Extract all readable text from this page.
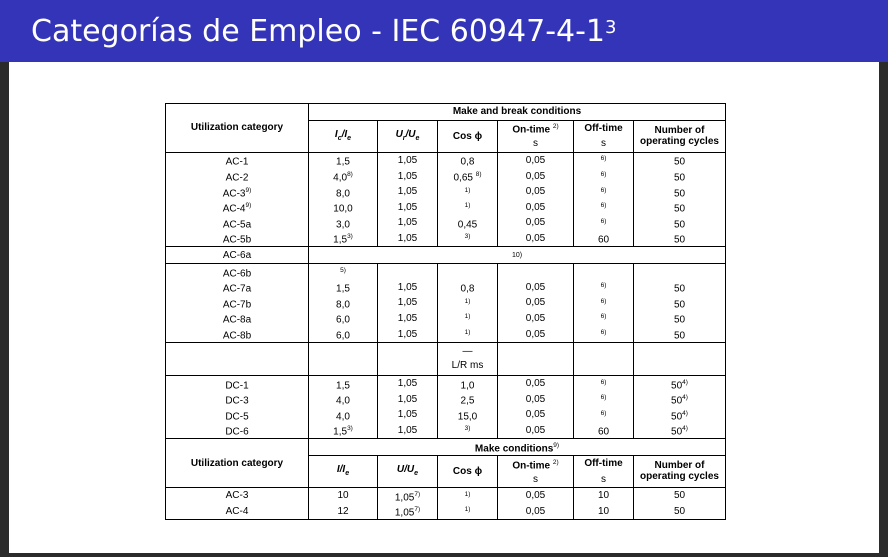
Categorías de Empleo - IEC $60947-4-1^3$
Utilization category	Make and break conditions					
	$I_c/I_e$	$U_r/U_e$	Cos ϕ	On-time $^{2)}$	Off-time	Number of operating cycles
				s	s	
AC-1	1,5	1,05	0,8	0,05	$^{6)}$	50
AC-2	4,0$^{8)}$	1,05	0,65 $^{8)}$	0,05	$^{6)}$	50
AC-3$^{9)}$	8,0	1,05	$^{1)}$	0,05	$^{6)}$	50
AC-4$^{9)}$	10,0	1,05	$^{1)}$	0,05	$^{6)}$	50
AC-5a	3,0	1,05	0,45	0,05	$^{6)}$	50
AC-5b	1,5$^{3)}$	1,05	$^{3)}$	0,05	60	50
AC-6a	10)					
AC-6b	$^{5)}$					
AC-7a	1,5	1,05	0,8	0,05	$^{6)}$	50
AC-7b	8,0	1,05	$^{1)}$	0,05	$^{6)}$	50
AC-8a	6,0	1,05	$^{1)}$	0,05	$^{6)}$	50
AC-8b	6,0	1,05	$^{1)}$	0,05	$^{6)}$	50
			—
L/R ms			
DC-1	1,5	1,05	1,0	0,05	$^{6)}$	50$^{4)}$
DC-3	4,0	1,05	2,5	0,05	$^{6)}$	50$^{4)}$
DC-5	4,0	1,05	15,0	0,05	$^{6)}$	50$^{4)}$
DC-6	1,5$^{3)}$	1,05	$^{3)}$	0,05	60	50$^{4)}$
Utilization category	Make conditions$^{9)}$
	$I/I_e$	$U/U_e$	Cos ϕ	On-time $^{2)}$	Off-time	Number of operating cycles
				s	s	
AC-3	10	1,05$^{7)}$	$^{1)}$	0,05	10	50
AC-4	12	1,05$^{7)}$	$^{1)}$	0,05	10	50
